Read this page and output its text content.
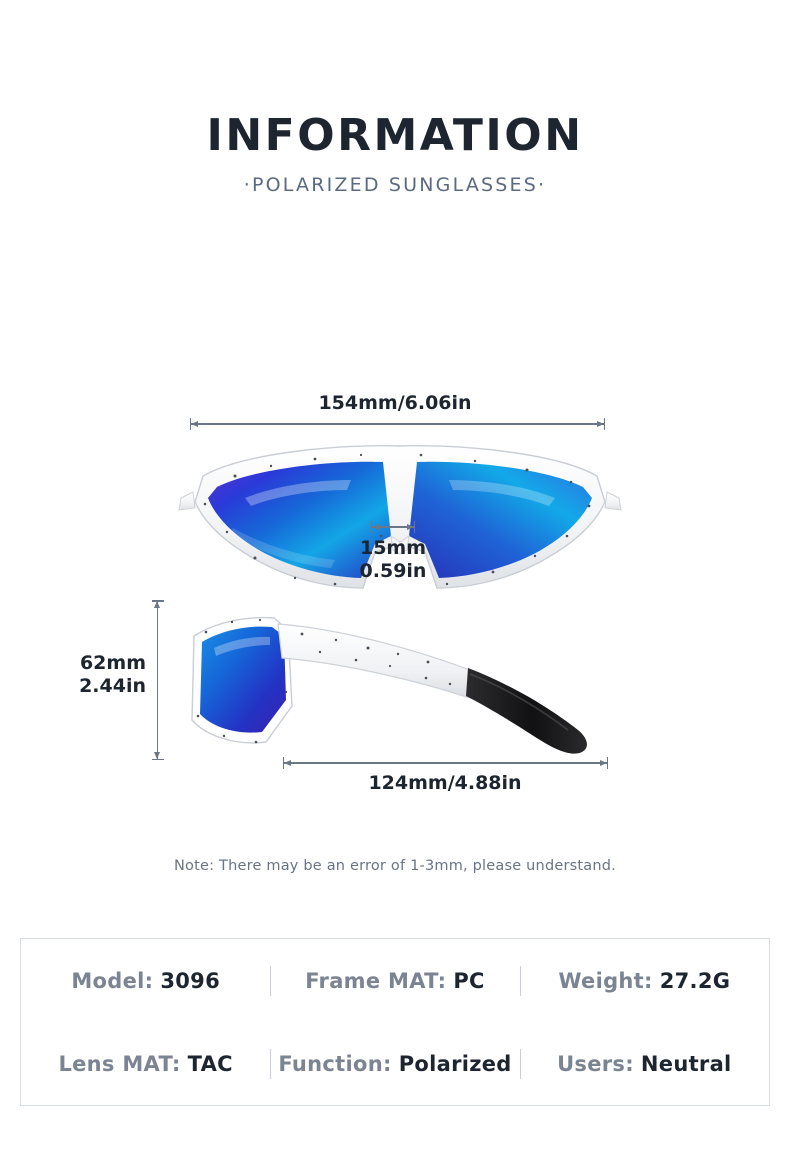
INFORMATION
·POLARIZED SUNGLASSES·
154mm/6.06in
15mm
0.59in
62mm
2.44in
124mm/4.88in
Note: There may be an error of 1-3mm, please understand.
Model: 3096	Frame MAT: PC	Weight: 27.2G
Lens MAT: TAC Function: Polarized Users: Neutral
